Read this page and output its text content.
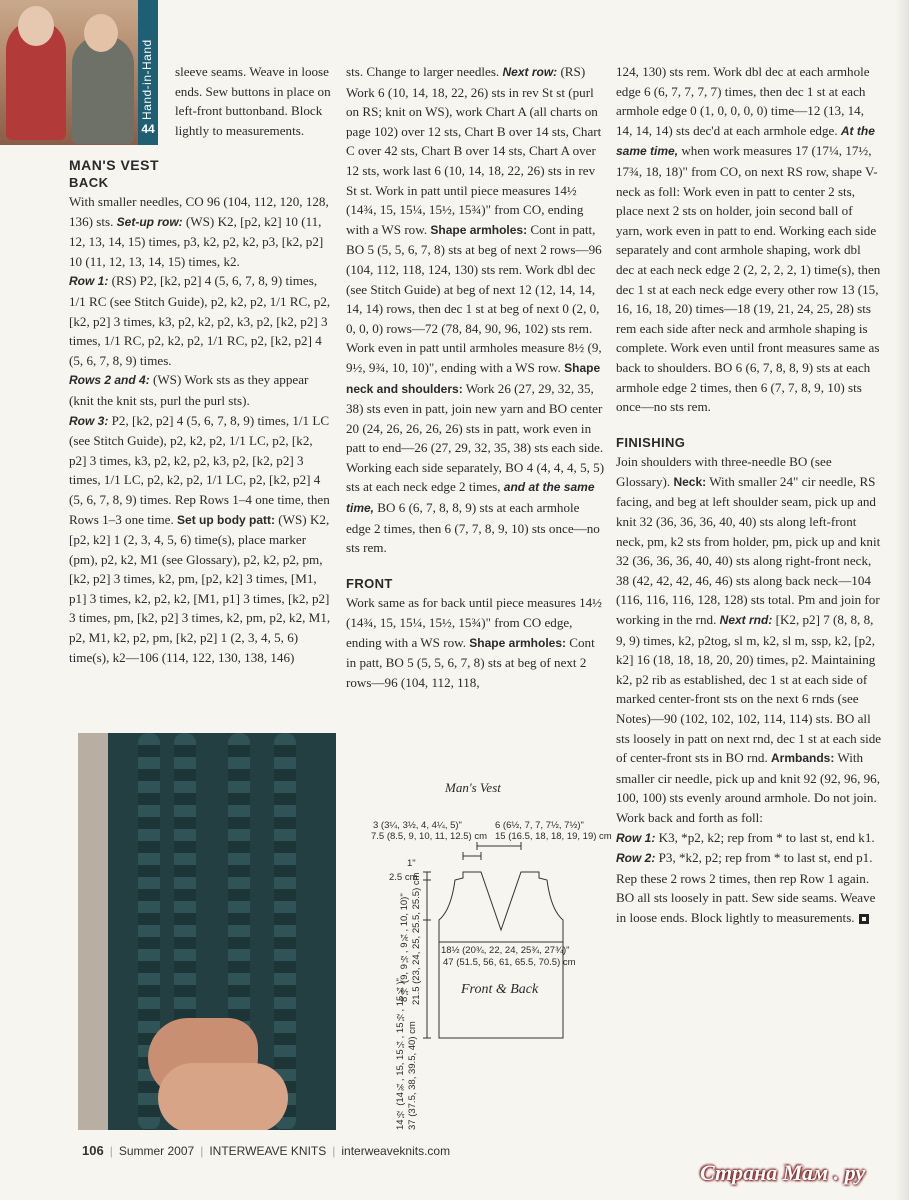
Hand-in-Hand
44

sleeve seams. Weave in loose ends. Sew buttons in place on left-front buttonband. Block lightly to measurements.

MAN'S VEST
BACK

With smaller needles, CO 96 (104, 112, 120, 128, 136) sts. Set-up row: (WS) K2, [p2, k2] 10 (11, 12, 13, 14, 15) times, p3, k2, p2, k2, p3, [k2, p2] 10 (11, 12, 13, 14, 15) times, k2.

Row 1: (RS) P2, [k2, p2] 4 (5, 6, 7, 8, 9) times, 1/1 RC (see Stitch Guide), p2, k2, p2, 1/1 RC, p2, [k2, p2] 3 times, k3, p2, k2, p2, k3, p2, [k2, p2] 3 times, 1/1 RC, p2, k2, p2, 1/1 RC, p2, [k2, p2] 4 (5, 6, 7, 8, 9) times.

Rows 2 and 4: (WS) Work sts as they appear (knit the knit sts, purl the purl sts).

Row 3: P2, [k2, p2] 4 (5, 6, 7, 8, 9) times, 1/1 LC (see Stitch Guide), p2, k2, p2, 1/1 LC, p2, [k2, p2] 3 times, k3, p2, k2, p2, k3, p2, [k2, p2] 3 times, 1/1 LC, p2, k2, p2, 1/1 LC, p2, [k2, p2] 4 (5, 6, 7, 8, 9) times. Rep Rows 1–4 one time, then Rows 1–3 one time. Set up body patt: (WS) K2, [p2, k2] 1 (2, 3, 4, 5, 6) time(s), place marker (pm), p2, k2, M1 (see Glossary), p2, k2, p2, pm, [k2, p2] 3 times, k2, pm, [p2, k2] 3 times, [M1, p1] 3 times, k2, p2, k2, [M1, p1] 3 times, [k2, p2] 3 times, pm, [k2, p2] 3 times, k2, pm, p2, k2, M1, p2, M1, k2, p2, pm, [k2, p2] 1 (2, 3, 4, 5, 6) time(s), k2—106 (114, 122, 130, 138, 146)

sts. Change to larger needles. Next row: (RS) Work 6 (10, 14, 18, 22, 26) sts in rev St st (purl on RS; knit on WS), work Chart A (all charts on page 102) over 12 sts, Chart B over 14 sts, Chart C over 42 sts, Chart B over 14 sts, Chart A over 12 sts, work last 6 (10, 14, 18, 22, 26) sts in rev St st. Work in patt until piece measures 14½ (14¾, 15, 15¼, 15½, 15¾)" from CO, ending with a WS row. Shape armholes: Cont in patt, BO 5 (5, 5, 6, 7, 8) sts at beg of next 2 rows—96 (104, 112, 118, 124, 130) sts rem. Work dbl dec (see Stitch Guide) at beg of next 12 (12, 14, 14, 14, 14) rows, then dec 1 st at beg of next 0 (2, 0, 0, 0, 0) rows—72 (78, 84, 90, 96, 102) sts rem. Work even in patt until armholes measure 8½ (9, 9½, 9¾, 10, 10)", ending with a WS row. Shape neck and shoulders: Work 26 (27, 29, 32, 35, 38) sts even in patt, join new yarn and BO center 20 (24, 26, 26, 26, 26) sts in patt, work even in patt to end—26 (27, 29, 32, 35, 38) sts each side. Working each side separately, BO 4 (4, 4, 4, 5, 5) sts at each neck edge 2 times, and at the same time, BO 6 (6, 7, 8, 8, 9) sts at each armhole edge 2 times, then 6 (7, 7, 8, 9, 10) sts once—no sts rem.

FRONT

Work same as for back until piece measures 14½ (14¾, 15, 15¼, 15½, 15¾)" from CO edge, ending with a WS row. Shape armholes: Cont in patt, BO 5 (5, 5, 6, 7, 8) sts at beg of next 2 rows—96 (104, 112, 118,

124, 130) sts rem. Work dbl dec at each armhole edge 6 (6, 7, 7, 7, 7) times, then dec 1 st at each armhole edge 0 (1, 0, 0, 0, 0) time—12 (13, 14, 14, 14, 14) sts dec'd at each armhole edge. At the same time, when work measures 17 (17¼, 17½, 17¾, 18, 18)" from CO, on next RS row, shape V-neck as foll: Work even in patt to center 2 sts, place next 2 sts on holder, join second ball of yarn, work even in patt to end. Working each side separately and cont armhole shaping, work dbl dec at each neck edge 2 (2, 2, 2, 2, 1) time(s), then dec 1 st at each neck edge every other row 13 (15, 16, 16, 18, 20) times—18 (19, 21, 24, 25, 28) sts rem each side after neck and armhole shaping is complete. Work even until front measures same as back to shoulders. BO 6 (6, 7, 8, 8, 9) sts at each armhole edge 2 times, then 6 (7, 7, 8, 9, 10) sts once—no sts rem.

FINISHING

Join shoulders with three-needle BO (see Glossary). Neck: With smaller 24" cir needle, RS facing, and beg at left shoulder seam, pick up and knit 32 (36, 36, 36, 40, 40) sts along left-front neck, pm, k2 sts from holder, pm, pick up and knit 32 (36, 36, 36, 40, 40) sts along right-front neck, 38 (42, 42, 42, 46, 46) sts along back neck—104 (116, 116, 116, 128, 128) sts total. Pm and join for working in the rnd. Next rnd: [K2, p2] 7 (8, 8, 8, 9, 9) times, k2, p2tog, sl m, k2, sl m, ssp, k2, [p2, k2] 16 (18, 18, 18, 20, 20) times, p2. Maintaining k2, p2 rib as established, dec 1 st at each side of marked center-front sts on the next 6 rnds (see Notes)—90 (102, 102, 102, 114, 114) sts. BO all sts loosely in patt on next rnd, dec 1 st at each side of center-front sts in BO rnd. Armbands: With smaller cir needle, pick up and knit 92 (92, 96, 96, 100, 100) sts evenly around armhole. Do not join. Work back and forth as foll:

Row 1: K3, *p2, k2; rep from * to last st, end k1.

Row 2: P3, *k2, p2; rep from * to last st, end p1.

Rep these 2 rows 2 times, then rep Row 1 again. BO all sts loosely in patt. Sew side seams. Weave in loose ends. Block lightly to measurements.

Man's Vest
3 (3¼, 3½, 4, 4¼, 5)"
7.5 (8.5, 9, 10, 11, 12.5) cm
6 (6½, 7, 7, 7½, 7½)"
15 (16.5, 18, 18, 19, 19) cm
1"
2.5 cm
18½ (20¾, 22, 24, 25¾, 27¾)"
47 (51.5, 56, 61, 65.5, 70.5) cm
Front & Back
8½ (9, 9½, 9¾, 10, 10)" 21.5 (23, 24, 25, 25.5, 25.5) cm
14½ (14¾, 15, 15¼, 15½, 15¾)" 37 (37.5, 38, 39.5, 40) cm
106 | Summer 2007 | INTERWEAVE KNITS | interweaveknits.com
Страна Мам . ру
